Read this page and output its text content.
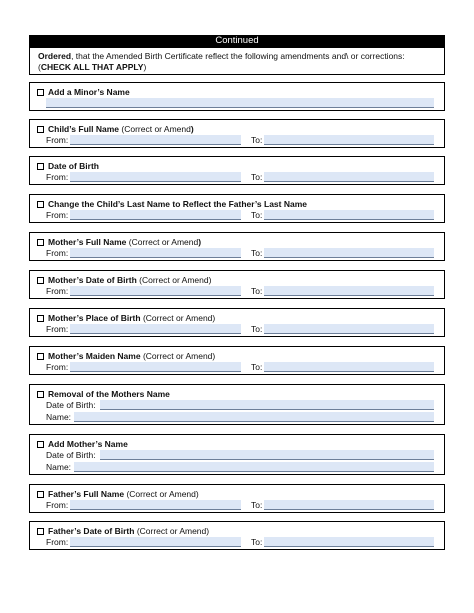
Continued
Ordered, that the Amended Birth Certificate reflect the following amendments and\ or corrections:
(CHECK ALL THAT APPLY)
Add a Minor’s Name
Child’s Full Name (Correct or Amend)
From:	To:
Date of Birth
From:	To:
Change the Child’s Last Name to Reflect the Father’s Last Name
From:	To:
Mother’s Full Name (Correct or Amend)
From:	To:
Mother’s Date of Birth (Correct or Amend)
From:	To:
Mother’s Place of Birth (Correct or Amend)
From:	To:
Mother’s Maiden Name (Correct or Amend)
From:	To:
Removal of the Mothers Name
Date of Birth:
Name:
Add Mother’s Name
Date of Birth:
Name:
Father’s Full Name (Correct or Amend)
From:	To:
Father’s Date of Birth (Correct or Amend)
From:	To:
